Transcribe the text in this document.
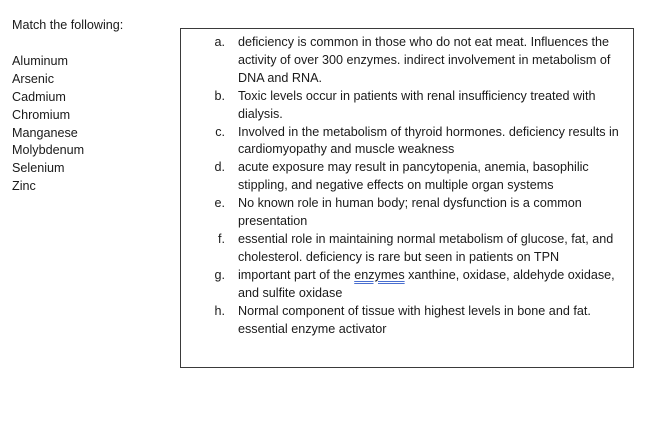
Match the following:
Aluminum
Arsenic
Cadmium
Chromium
Manganese
Molybdenum
Selenium
Zinc
a. deficiency is common in those who do not eat meat. Influences the activity of over 300 enzymes. indirect involvement in metabolism of DNA and RNA.
b. Toxic levels occur in patients with renal insufficiency treated with dialysis.
c. Involved in the metabolism of thyroid hormones. deficiency results in cardiomyopathy and muscle weakness
d. acute exposure may result in pancytopenia, anemia, basophilic stippling, and negative effects on multiple organ systems
e. No known role in human body; renal dysfunction is a common presentation
f. essential role in maintaining normal metabolism of glucose, fat, and cholesterol. deficiency is rare but seen in patients on TPN
g. important part of the enzymes xanthine, oxidase, aldehyde oxidase, and sulfite oxidase
h. Normal component of tissue with highest levels in bone and fat. essential enzyme activator
